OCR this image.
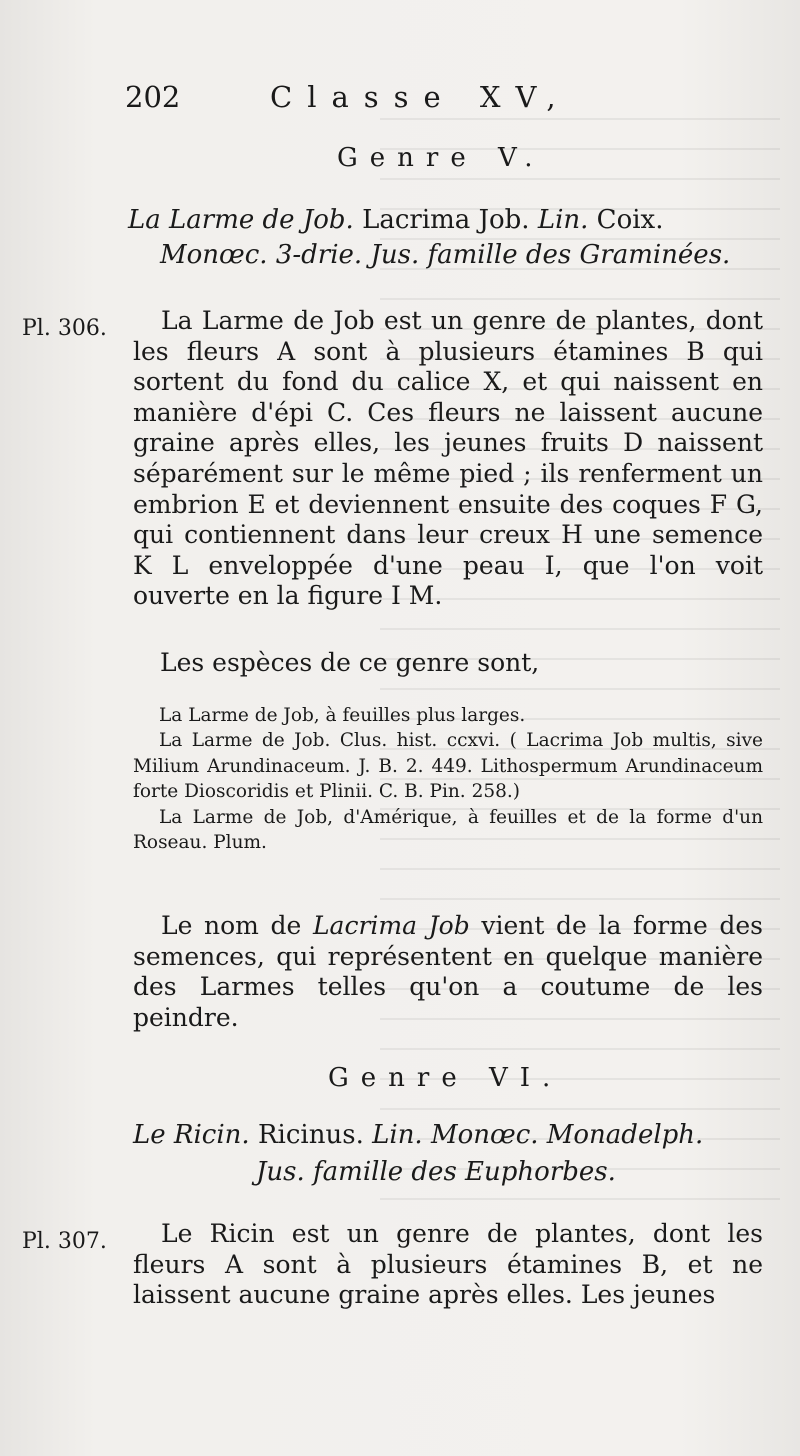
202	Classe XV,
Genre V.
La Larme de Job. Lacrima Job. Lin. Coix.
Monœc. 3-drie. Jus. famille des Graminées.
Pl. 306.	La Larme de Job est un genre de plantes, dont les fleurs A sont à plusieurs étamines B qui sortent du fond du calice X, et qui naissent en manière d'épi C. Ces fleurs ne laissent aucune graine après elles, les jeunes fruits D naissent séparément sur le même pied ; ils renferment un embrion E et deviennent ensuite des coques F G, qui contiennent dans leur creux H une semence K L enveloppée d'une peau I, que l'on voit ouverte en la figure I M.

Les espèces de ce genre sont,

La Larme de Job, à feuilles plus larges.

La Larme de Job. Clus. hist. ccxvi. ( Lacrima Job multis, sive Milium Arundinaceum. J. B. 2. 449. Lithospermum Arundinaceum forte Dioscoridis et Plinii. C. B. Pin. 258.)

La Larme de Job, d'Amérique, à feuilles et de la forme d'un Roseau. Plum.

Le nom de Lacrima Job vient de la forme des semences, qui représentent en quelque manière des Larmes telles qu'on a coutume de les peindre.

Genre VI.
Le Ricin. Ricinus. Lin. Monœc. Monadelph.
Jus. famille des Euphorbes.
Pl. 307.	Le Ricin est un genre de plantes, dont les fleurs A sont à plusieurs étamines B, et ne laissent aucune graine après elles. Les jeunes
